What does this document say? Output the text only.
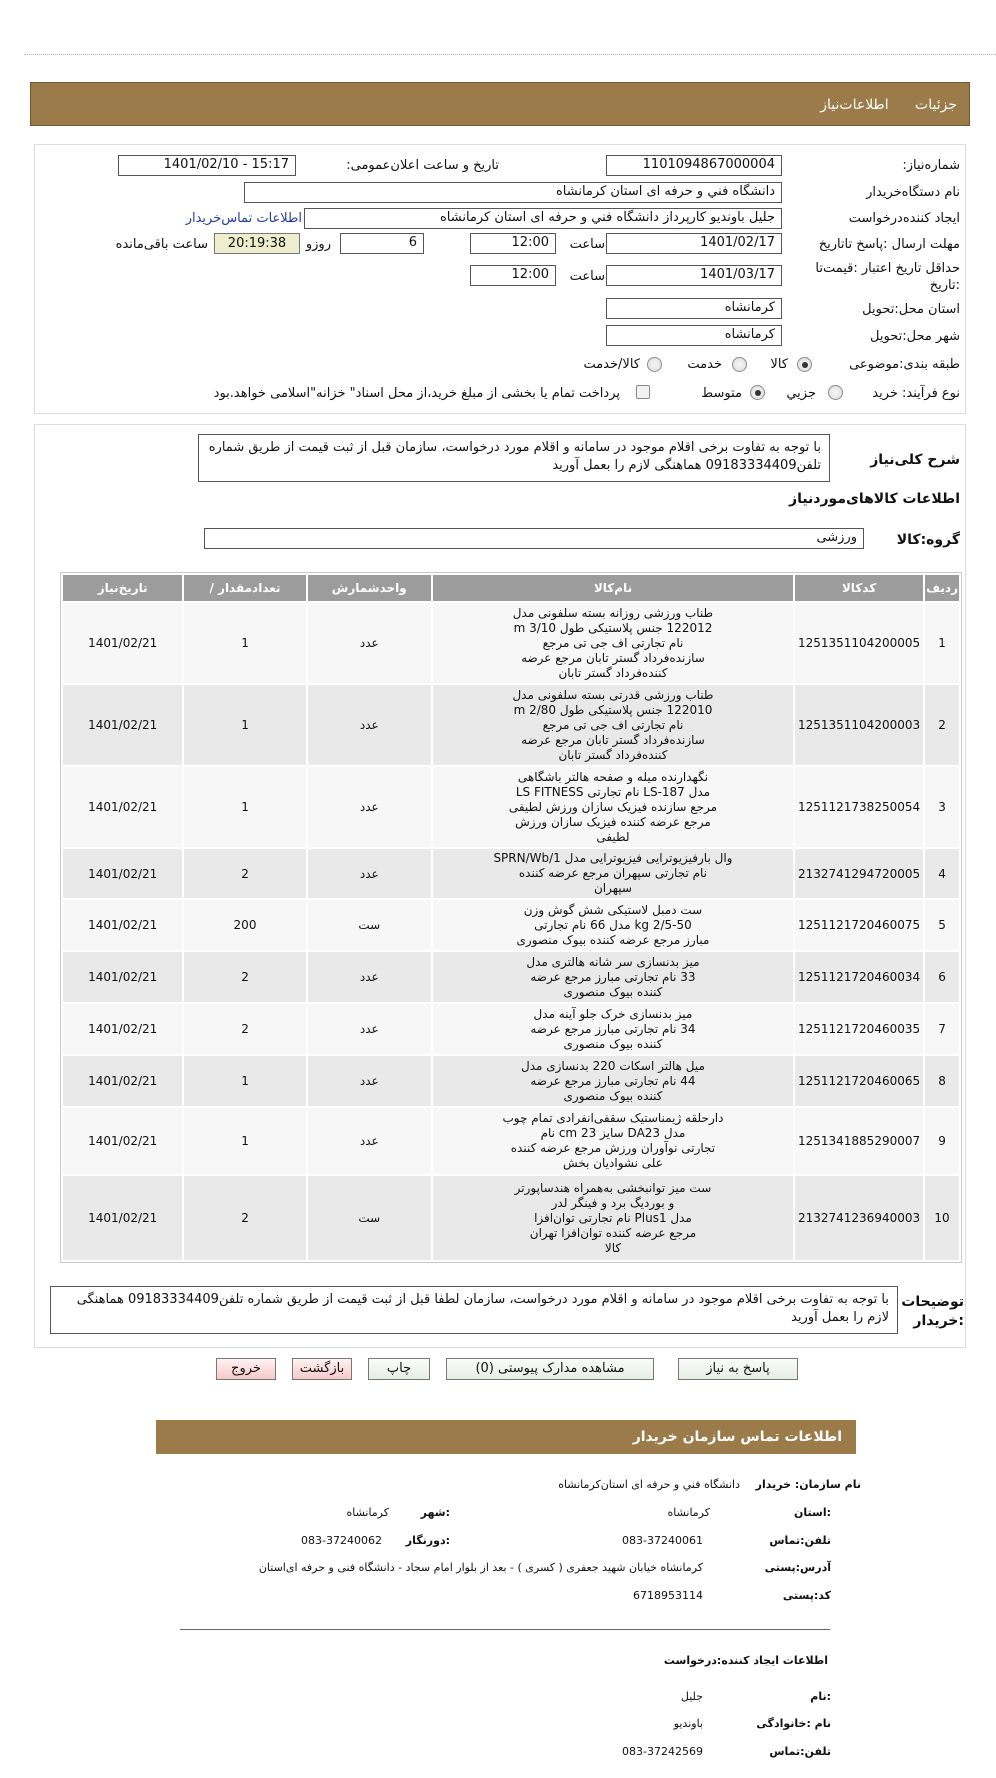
جزئیات اطلاعات‌نیاز
شماره‌نیاز:
1101094867000004
تاریخ و ساعت اعلان‌عمومی:
1401/02/10 - 15:17
نام دستگاه‌خریدار
دانشگاه فني و حرفه اى استان كرمانشاه
ایجاد کننده‌درخواست
جليل باونديو كارپرداز دانشگاه فني و حرفه اى استان كرمانشاه
اطلاعات تماس‌خریدار
مهلت ارسال :پاسخ تا‌تاریخ
1401/02/17
ساعت
12:00
6
روزو
20:19:38
ساعت باقی‌مانده
حداقل تاریخ اعتبار :قیمت‌تا
:تاریخ
1401/03/17
ساعت
12:00
استان محل:تحویل
کرمانشاه
شهر محل:تحویل
کرمانشاه
طبقه بندی:موضوعی
کالا
خدمت
کالا/خدمت
نوع فرآیند: خرید
جزیي
متوسط
پرداخت تمام یا بخشی از مبلغ خرید،از محل اسناد" خزانه"اسلامی خواهد.بود
شرح کلی‌نیاز
با توجه به تفاوت برخی اقلام موجود در سامانه و اقلام مورد درخواست، سازمان قبل از ثبت قیمت از طریق شماره تلفن09183334409 هماهنگی لازم را بعمل آورید
اطلاعات کالاهای‌مورد‌نیاز
گروه:کالا
ورزشی
ردیف	کدکالا	نام‌کالا	واحد‌شمارش	تعداد‌مقدار /	تاریخ‌نیاز
1	1251351104200005	طناب ورزشی روزانه بسته سلفونی مدل
122012 جنس پلاستیکی طول 3/10 m
نام تجارتی اف جی تی مرجع
سازنده‌فرداد گستر تابان مرجع عرضه
کننده‌فرداد گستر تابان	عدد	1	1401/02/21
2	1251351104200003	طناب ورزشی قدرتی بسته سلفونی مدل
122010 جنس پلاستیکی طول 2/80 m
نام تجارتی اف جی تی مرجع
سازنده‌فرداد گستر تابان مرجع عرضه
کننده‌فرداد گستر تابان	عدد	1	1401/02/21
3	1251121738250054	نگهدارنده میله و صفحه هالتر باشگاهی
مدل LS-187 نام تجارتی LS FITNESS
مرجع سازنده فیزیک سازان ورزش لطیفی
مرجع عرضه کننده فیزیک سازان ورزش
لطیفی	عدد	1	1401/02/21
4	2132741294720005	وال بارفیزیوترایی فیزیوترایی مدل SPRN/Wb/1
نام تجارتی سپهران مرجع عرضه کننده
سپهران	عدد	2	1401/02/21
5	1251121720460075	ست دمبل لاستیکی شش گوش وزن
2/5-50 kg مدل 66 نام تجارتی
مبارز مرجع عرضه کننده بیوک منصوری	ست	200	1401/02/21
6	1251121720460034	میز بدنسازی سر شانه هالتری مدل
33 نام تجارتی مبارز مرجع عرضه
کننده بیوک منصوری	عدد	2	1401/02/21
7	1251121720460035	میز بدنسازی خرک جلو آینه مدل
34 نام تجارتی مبارز مرجع عرضه
کننده بیوک منصوری	عدد	2	1401/02/21
8	1251121720460065	میل هالتر اسکات 220 بدنسازی مدل
44 نام تجارتی مبارز مرجع عرضه
کننده بیوک منصوری	عدد	1	1401/02/21
9	1251341885290007	دارحلقه ژیمناستیک سقفی‌انفرادی تمام چوب
مدل DA23 سایز 23 cm نام
تجارتی نوآوران ورزش مرجع عرضه کننده
علی نشوادیان بخش	عدد	1	1401/02/21
10	2132741236940003	ست میز توانبخشی به‌همراه هندساپورتر
و بوردیگ برد و فینگر لدر
مدل Plus1 نام تجارتی توان‌افزا
مرجع عرضه کننده توان‌افزا تهران
کالا	ست	2	1401/02/21
توضیحات
:خریدار
با توجه به تفاوت برخی اقلام موجود در سامانه و اقلام مورد درخواست، سازمان لطفا قبل از ثبت قیمت از طریق شماره تلفن09183334409 هماهنگی لازم را بعمل آورید
پاسخ به نیاز
مشاهده مدارک پیوستی (0)
چاپ
بازگشت
خروج
اطلاعات تماس سازمان خریدار
نام سازمان: خریدار
دانشگاه فني و حرفه اى استان‌كرمانشاه
:استان
كرمانشاه
:شهر
كرمانشاه
تلفن:تماس
083-37240061
:دورنگار
083-37240062
آدرس:پستی
کرمانشاه خیابان شهید جعفری ( کسری ) - بعد از بلوار امام سجاد - دانشگاه فنی و حرفه ای‌استان
کد:پستی
6718953114
اطلاعات ایجاد کننده:درخواست
:نام
جليل
نام :خانوادگی
باونديو
تلفن:تماس
083-37242569
